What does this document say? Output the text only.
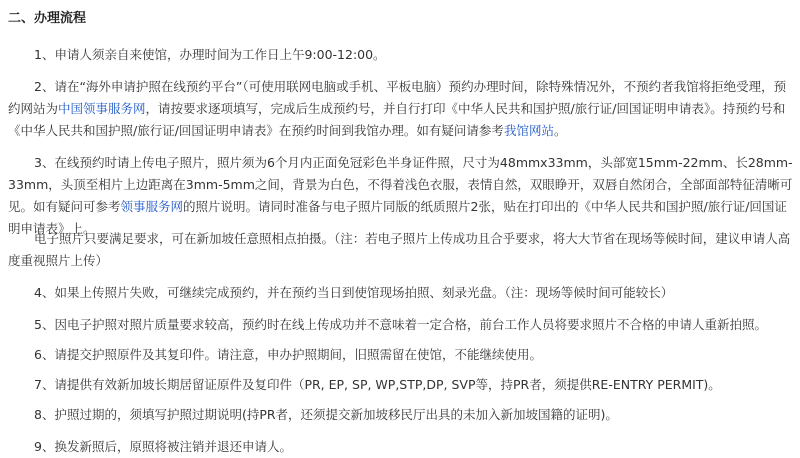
二、办理流程

1、申请人须亲自来使馆，办理时间为工作日上午9:00-12:00。

2、请在“海外申请护照在线预约平台”（可使用联网电脑或手机、平板电脑）预约办理时间，除特殊情况外，不预约者我馆将拒绝受理，预约网站为中国领事服务网，请按要求逐项填写，完成后生成预约号，并自行打印《中华人民共和国护照/旅行证/回国证明申请表》。持预约号和《中华人民共和国护照/旅行证/回国证明申请表》在预约时间到我馆办理。如有疑问请参考我馆网站。

3、在线预约时请上传电子照片，照片须为6个月内正面免冠彩色半身证件照，尺寸为48mmx33mm，头部宽15mm-22mm、长28mm-33mm，头顶至相片上边距离在3mm-5mm之间，背景为白色，不得着浅色衣服，表情自然，双眼睁开，双唇自然闭合，全部面部特征清晰可见。如有疑问可参考领事服务网的照片说明。请同时准备与电子照片同版的纸质照片2张，贴在打印出的《中华人民共和国护照/旅行证/回国证明申请表》上。

电子照片只要满足要求，可在新加坡任意照相点拍摄。（注：若电子照片上传成功且合乎要求，将大大节省在现场等候时间，建议申请人高度重视照片上传）

4、如果上传照片失败，可继续完成预约，并在预约当日到使馆现场拍照、刻录光盘。（注：现场等候时间可能较长）

5、因电子护照对照片质量要求较高，预约时在线上传成功并不意味着一定合格，前台工作人员将要求照片不合格的申请人重新拍照。

6、请提交护照原件及其复印件。请注意，申办护照期间，旧照需留在使馆，不能继续使用。

7、请提供有效新加坡长期居留证原件及复印件（PR, EP, SP, WP,STP,DP, SVP等，持PR者，须提供RE-ENTRY PERMIT)。

8、护照过期的，须填写护照过期说明(持PR者，还须提交新加坡移民厅出具的未加入新加坡国籍的证明)。

9、换发新照后，原照将被注销并退还申请人。
